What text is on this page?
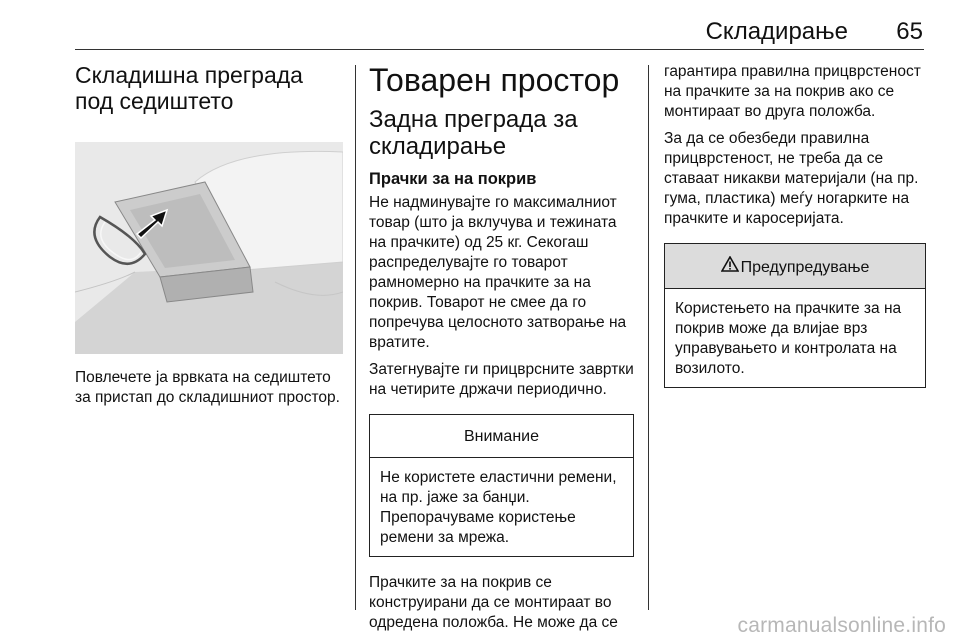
Складирање 65
Складишна преграда под седиштето

Повлечете ја врвката на седиштето за пристап до складишниот простор.

Товарен простор
Задна преграда за складирање
Прачки за на покрив

Не надминувајте го максималниот товар (што ја вклучува и тежината на прачките) од 25 кг. Секогаш распределувајте го товарот рамномерно на прачките за на покрив. Товарот не смее да го попречува целосното затворање на вратите.

Затегнувајте ги прицврсните завртки на четирите држачи периодично.

Внимание

Не користете еластични ремени, на пр. јаже за банџи. Препорачуваме користење ремени за мрежа.

Прачките за на покрив се конструирани да се монтираат во одредена положба. Не може да се

гарантира правилна прицврстеност на прачките за на покрив ако се монтираат во друга положба.

За да се обезбеди правилна прицврстеност, не треба да се ставаат никакви материјали (на пр. гума, пластика) меѓу ногарките на прачките и каросеријата.

Предупредување

Користењето на прачките за на покрив може да влијае врз управувањето и контролата на возилото.

carmanualsonline.info
